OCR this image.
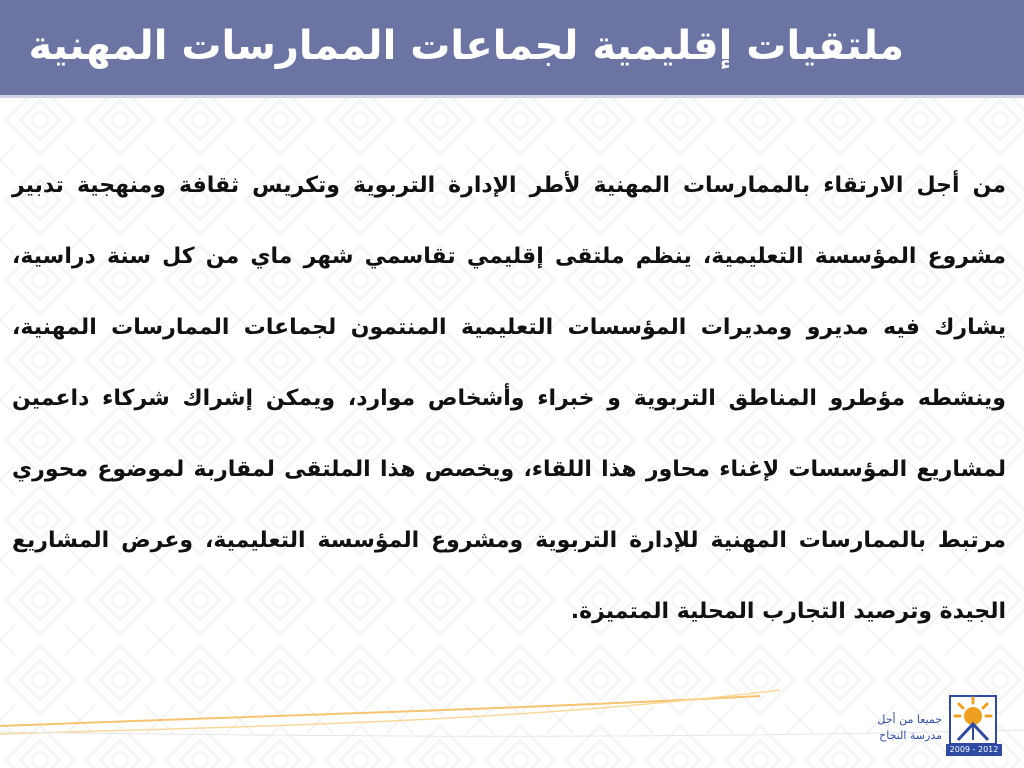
ملتقيات إقليمية لجماعات الممارسات المهنية
من أجل الارتقاء بالممارسات المهنية لأطر الإدارة التربوية وتكريس ثقافة ومنهجية تدبير مشروع المؤسسة التعليمية، ينظم ملتقى إقليمي تقاسمي شهر ماي من كل سنة دراسية، يشارك فيه مديرو ومديرات المؤسسات التعليمية المنتمون لجماعات الممارسات المهنية، وينشطه مؤطرو المناطق التربوية و خبراء وأشخاص موارد، ويمكن إشراك شركاء داعمين لمشاريع المؤسسات لإغناء محاور هذا اللقاء، ويخصص هذا الملتقى لمقاربة لموضوع محوري مرتبط بالممارسات المهنية للإدارة التربوية ومشروع المؤسسة التعليمية، وعرض المشاريع الجيدة وترصيد التجارب المحلية المتميزة.
جميعا من أجل
مدرسة النجاح
2009 - 2012
